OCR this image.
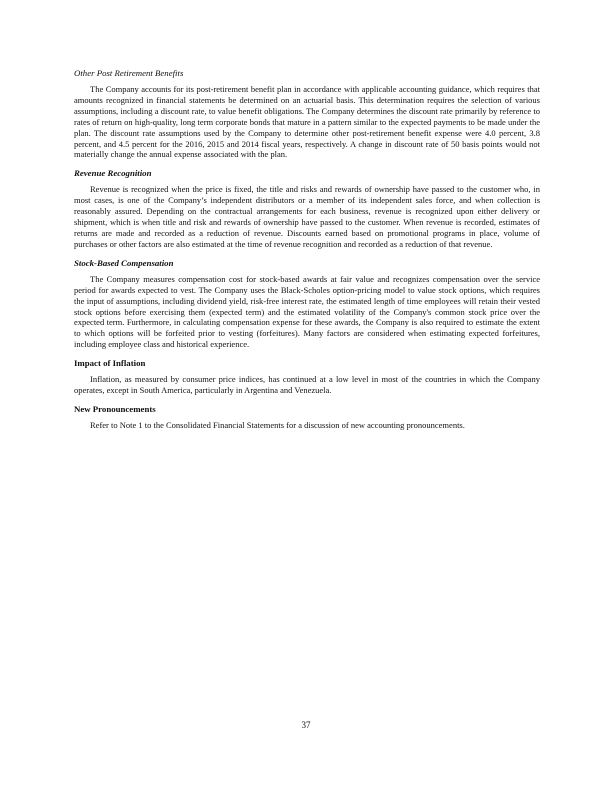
Other Post Retirement Benefits

The Company accounts for its post-retirement benefit plan in accordance with applicable accounting guidance, which requires that amounts recognized in financial statements be determined on an actuarial basis. This determination requires the selection of various assumptions, including a discount rate, to value benefit obligations. The Company determines the discount rate primarily by reference to rates of return on high-quality, long term corporate bonds that mature in a pattern similar to the expected payments to be made under the plan. The discount rate assumptions used by the Company to determine other post-retirement benefit expense were 4.0 percent, 3.8 percent, and 4.5 percent for the 2016, 2015 and 2014 fiscal years, respectively. A change in discount rate of 50 basis points would not materially change the annual expense associated with the plan.

Revenue Recognition

Revenue is recognized when the price is fixed, the title and risks and rewards of ownership have passed to the customer who, in most cases, is one of the Company’s independent distributors or a member of its independent sales force, and when collection is reasonably assured. Depending on the contractual arrangements for each business, revenue is recognized upon either delivery or shipment, which is when title and risk and rewards of ownership have passed to the customer. When revenue is recorded, estimates of returns are made and recorded as a reduction of revenue. Discounts earned based on promotional programs in place, volume of purchases or other factors are also estimated at the time of revenue recognition and recorded as a reduction of that revenue.

Stock-Based Compensation

The Company measures compensation cost for stock-based awards at fair value and recognizes compensation over the service period for awards expected to vest. The Company uses the Black-Scholes option-pricing model to value stock options, which requires the input of assumptions, including dividend yield, risk-free interest rate, the estimated length of time employees will retain their vested stock options before exercising them (expected term) and the estimated volatility of the Company's common stock price over the expected term. Furthermore, in calculating compensation expense for these awards, the Company is also required to estimate the extent to which options will be forfeited prior to vesting (forfeitures). Many factors are considered when estimating expected forfeitures, including employee class and historical experience.

Impact of Inflation

Inflation, as measured by consumer price indices, has continued at a low level in most of the countries in which the Company operates, except in South America, particularly in Argentina and Venezuela.

New Pronouncements

Refer to Note 1 to the Consolidated Financial Statements for a discussion of new accounting pronouncements.

37
